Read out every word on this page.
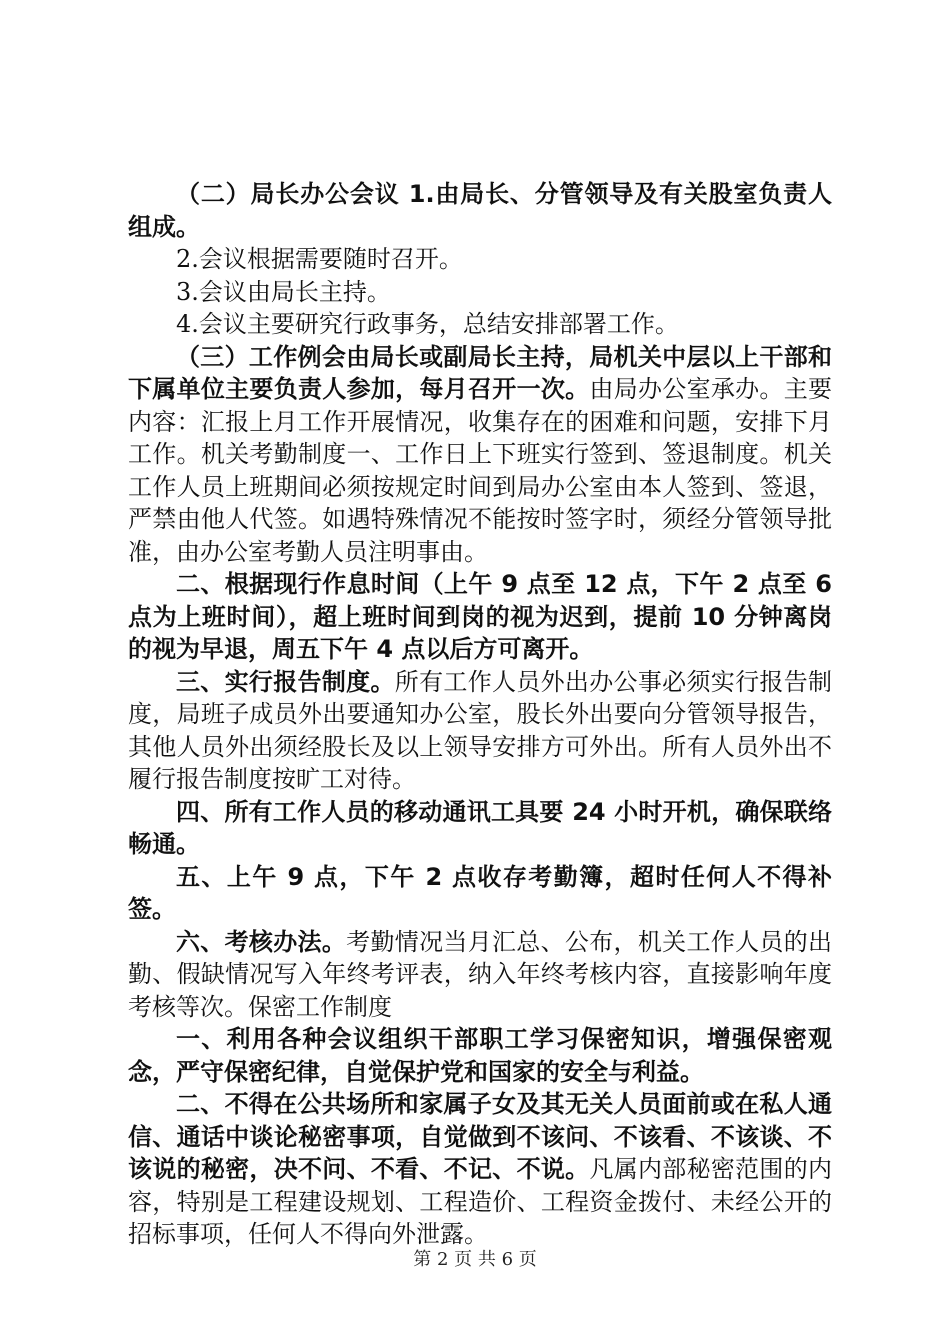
（二）局长办公会议 1.由局长、分管领导及有关股室负责人组成。

2.会议根据需要随时召开。

3.会议由局长主持。

4.会议主要研究行政事务，总结安排部署工作。

（三）工作例会由局长或副局长主持，局机关中层以上干部和下属单位主要负责人参加，每月召开一次。由局办公室承办。主要内容：汇报上月工作开展情况，收集存在的困难和问题，安排下月工作。机关考勤制度一、工作日上下班实行签到、签退制度。机关工作人员上班期间必须按规定时间到局办公室由本人签到、签退，严禁由他人代签。如遇特殊情况不能按时签字时，须经分管领导批准，由办公室考勤人员注明事由。

二、根据现行作息时间（上午 9 点至 12 点，下午 2 点至 6 点为上班时间），超上班时间到岗的视为迟到，提前 10 分钟离岗的视为早退，周五下午 4 点以后方可离开。

三、实行报告制度。所有工作人员外出办公事必须实行报告制度，局班子成员外出要通知办公室，股长外出要向分管领导报告，其他人员外出须经股长及以上领导安排方可外出。所有人员外出不履行报告制度按旷工对待。

四、所有工作人员的移动通讯工具要 24 小时开机，确保联络畅通。

五、上午 9 点，下午 2 点收存考勤簿，超时任何人不得补签。

六、考核办法。考勤情况当月汇总、公布，机关工作人员的出勤、假缺情况写入年终考评表，纳入年终考核内容，直接影响年度考核等次。保密工作制度

一、利用各种会议组织干部职工学习保密知识，增强保密观念，严守保密纪律，自觉保护党和国家的安全与利益。

二、不得在公共场所和家属子女及其无关人员面前或在私人通信、通话中谈论秘密事项，自觉做到不该问、不该看、不该谈、不该说的秘密，决不问、不看、不记、不说。凡属内部秘密范围的内容，特别是工程建设规划、工程造价、工程资金拨付、未经公开的招标事项，任何人不得向外泄露。

第 2 页 共 6 页
